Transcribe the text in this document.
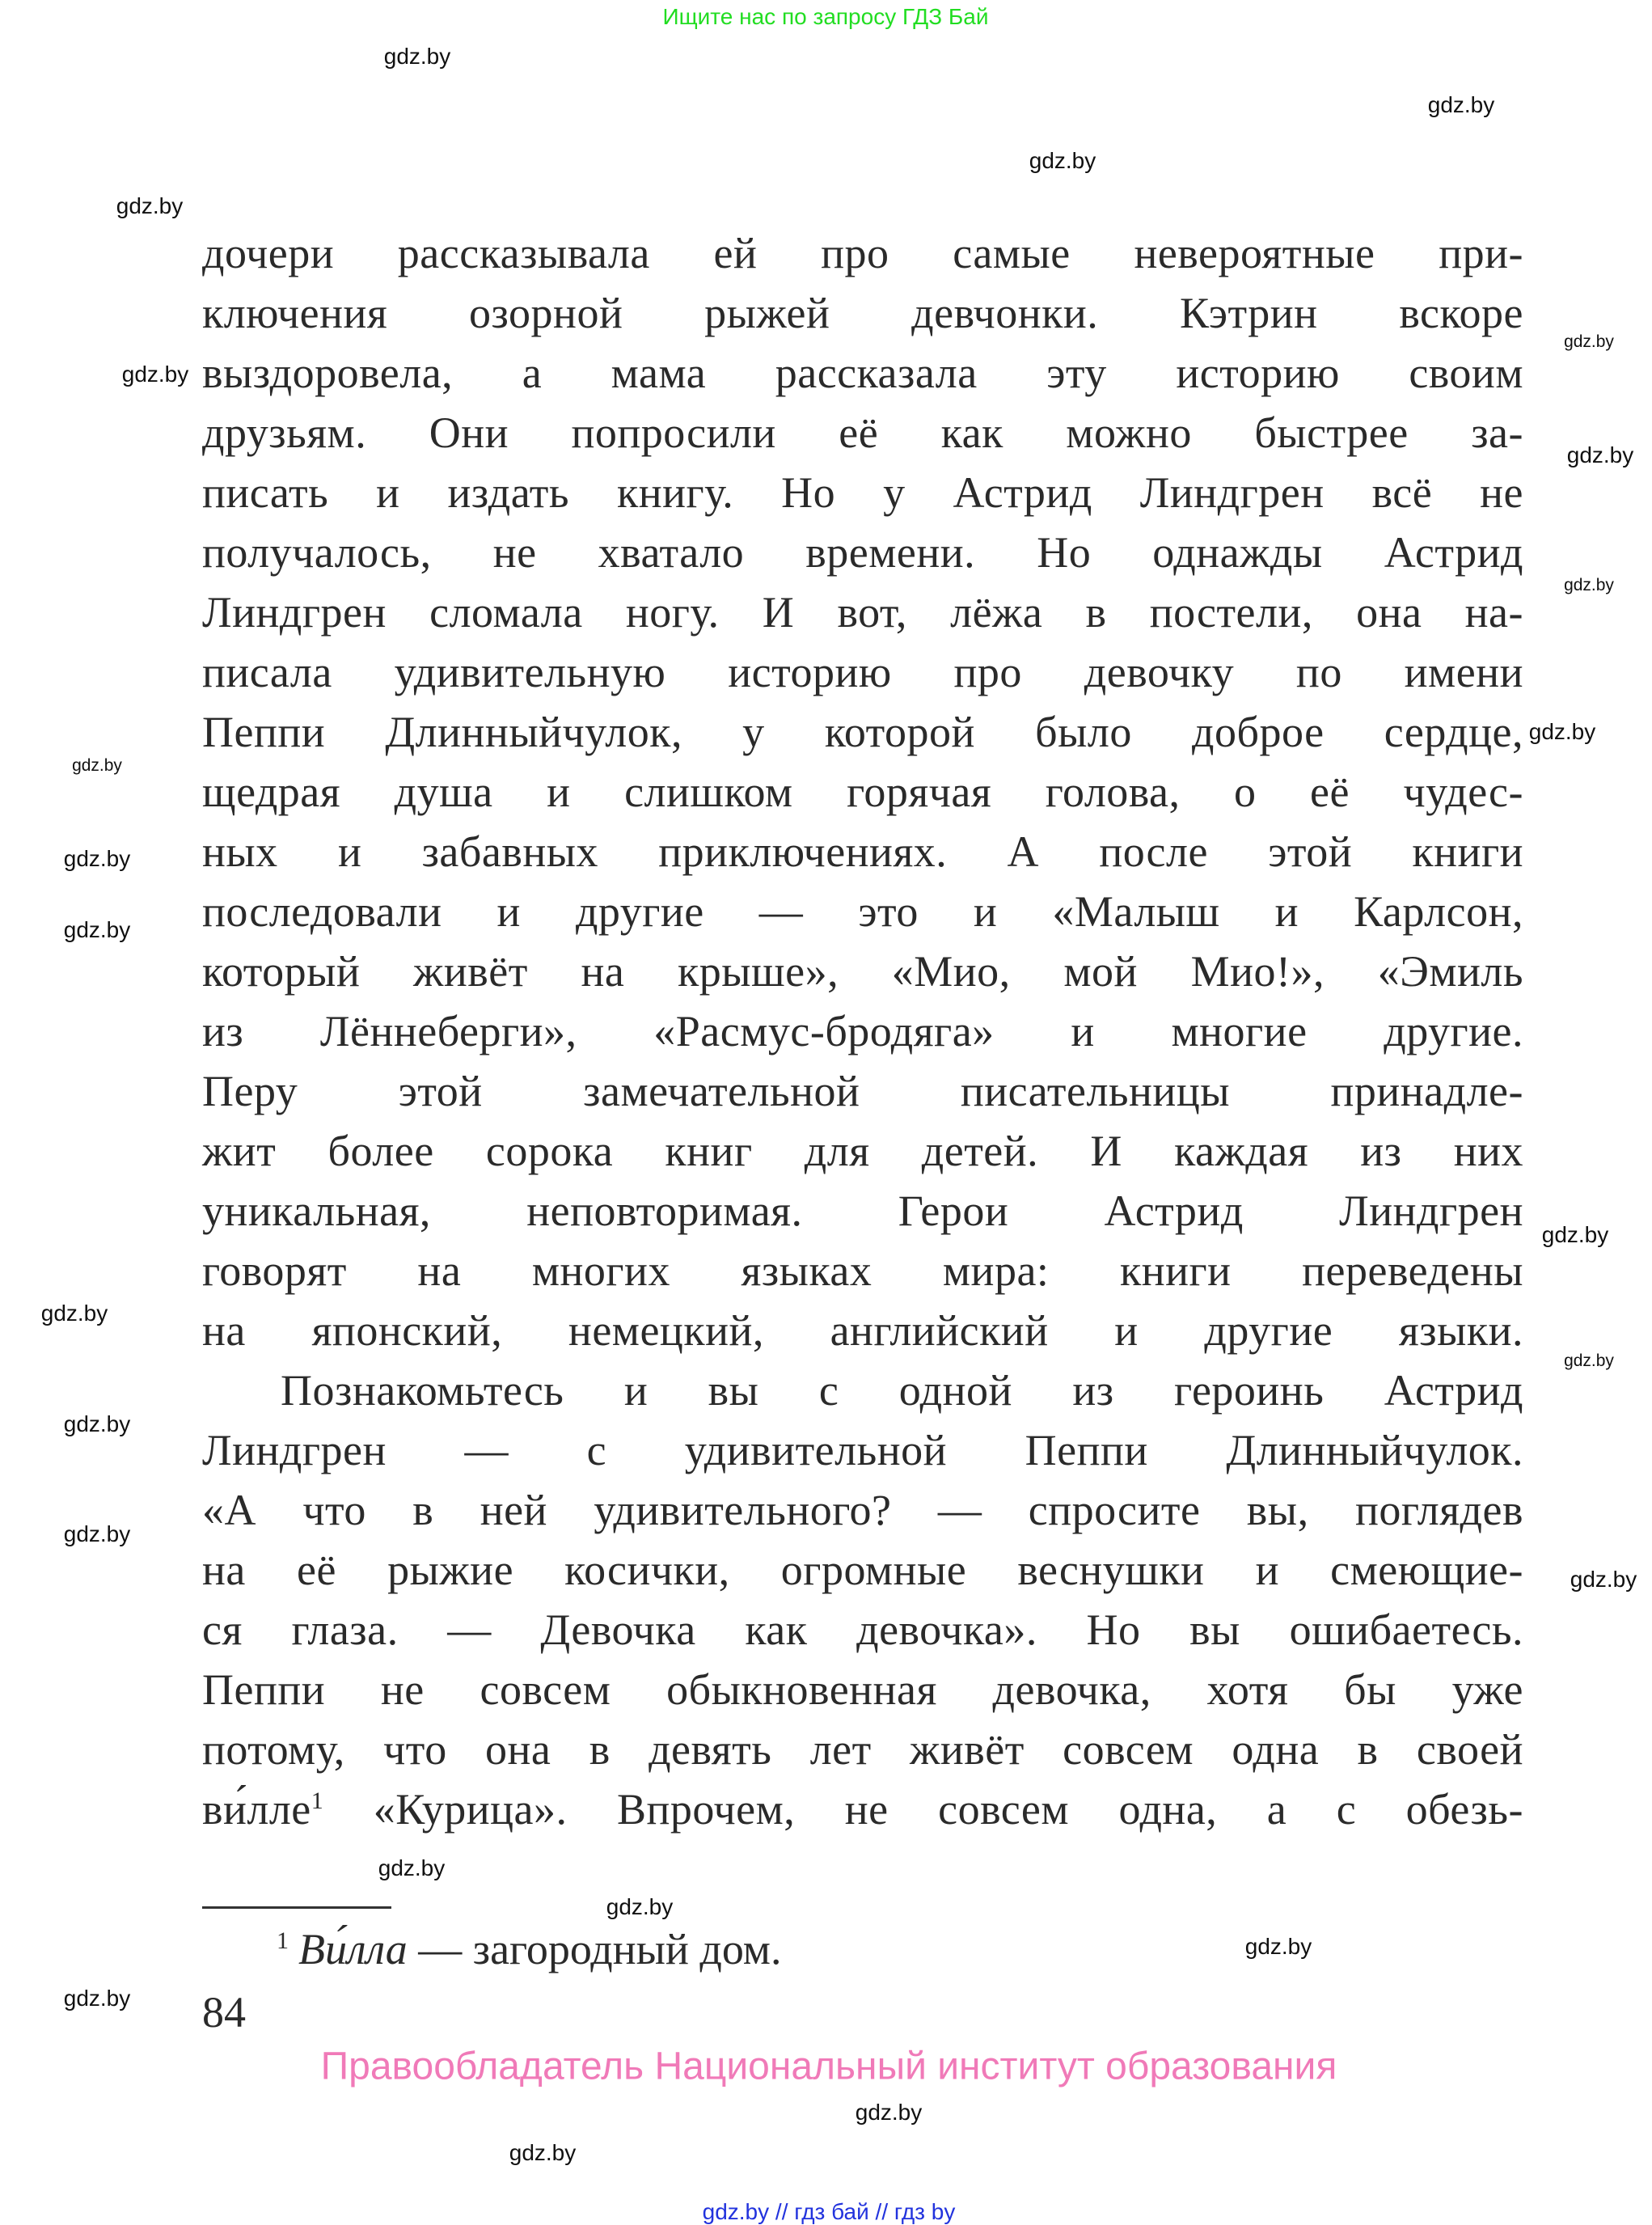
Ищите нас по запросу ГДЗ Бай
дочери рассказывала ей про самые невероятные при-
ключения озорной рыжей девчонки. Кэтрин вскоре
выздоровела, а мама рассказала эту историю своим
друзьям. Они попросили её как можно быстрее за-
писать и издать книгу. Но у Астрид Линдгрен всё не
получалось, не хватало времени. Но однажды Астрид
Линдгрен сломала ногу. И вот, лёжа в постели, она на-
писала удивительную историю про девочку по имени
Пеппи Длинныйчулок, у которой было доброе сердце,
щедрая душа и слишком горячая голова, о её чудес-
ных и забавных приключениях. А после этой книги
последовали и другие — это и «Малыш и Карлсон,
который живёт на крыше», «Мио, мой Мио!», «Эмиль
из Лённеберги», «Расмус-бродяга» и многие другие.
Перу этой замечательной писательницы принадле-
жит более сорока книг для детей. И каждая из них
уникальная, неповторимая. Герои Астрид Линдгрен
говорят на многих языках мира: книги переведены
на японский, немецкий, английский и другие языки.
Познакомьтесь и вы с одной из героинь Астрид
Линдгрен — с удивительной Пеппи Длинныйчулок.
«А что в ней удивительного? — спросите вы, поглядев
на её рыжие косички, огромные веснушки и смеющие-
ся глаза. — Девочка как девочка». Но вы ошибаетесь.
Пеппи не совсем обыкновенная девочка, хотя бы уже
потому, что она в девять лет живёт совсем одна в своей
ви́лле$^1$ «Курица». Впрочем, не совсем одна, а с обезь-
$^1$ Ви́лла — загородный дом.
84
Правообладатель Национальный институт образования
gdz.by // гдз бай // гдз by
gdz.by
gdz.by
gdz.by
gdz.by
gdz.by
gdz.by
gdz.by
gdz.by
gdz.by
gdz.by
gdz.by
gdz.by
gdz.by
gdz.by
gdz.by
gdz.by
gdz.by
gdz.by
gdz.by
gdz.by
gdz.by
gdz.by
gdz.by
gdz.by
